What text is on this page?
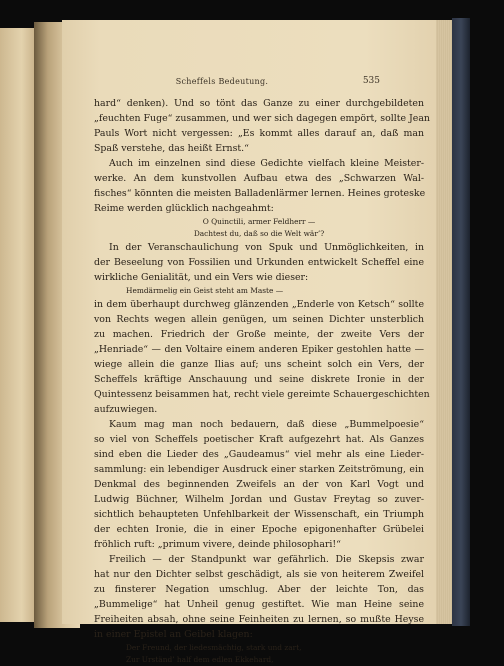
Scheffels Bedeutung.	535
hard“ denken). Und so tönt das Ganze zu einer durchgebildeten
„feuchten Fuge“ zusammen, und wer sich dagegen empört, sollte Jean
Pauls Wort nicht vergessen: „Es kommt alles darauf an, daß man
Spaß verstehe, das heißt Ernst.“
Auch im einzelnen sind diese Gedichte vielfach kleine Meister-
werke. An dem kunstvollen Aufbau etwa des „Schwarzen Wal-
fisches“ könnten die meisten Balladenlärmer lernen. Heines groteske
Reime werden glücklich nachgeahmt:
O Quinctili, armer Feldherr —
Dachtest du, daß so die Welt wär’?
In der Veranschaulichung von Spuk und Unmöglichkeiten, in
der Beseelung von Fossilien und Urkunden entwickelt Scheffel eine
wirkliche Genialität, und ein Vers wie dieser:
Hemdärmelig ein Geist steht am Maste —
in dem überhaupt durchweg glänzenden „Enderle von Ketsch“ sollte
von Rechts wegen allein genügen, um seinen Dichter unsterblich
zu machen. Friedrich der Große meinte, der zweite Vers der
„Henriade“ — den Voltaire einem anderen Epiker gestohlen hatte —
wiege allein die ganze Ilias auf; uns scheint solch ein Vers, der
Scheffels kräftige Anschauung und seine diskrete Ironie in der
Quintessenz beisammen hat, recht viele gereimte Schauergeschichten
aufzuwiegen.
Kaum mag man noch bedauern, daß diese „Bummelpoesie“
so viel von Scheffels poetischer Kraft aufgezehrt hat. Als Ganzes
sind eben die Lieder des „Gaudeamus“ viel mehr als eine Lieder-
sammlung: ein lebendiger Ausdruck einer starken Zeitströmung, ein
Denkmal des beginnenden Zweifels an der von Karl Vogt und
Ludwig Büchner, Wilhelm Jordan und Gustav Freytag so zuver-
sichtlich behaupteten Unfehlbarkeit der Wissenschaft, ein Triumph
der echten Ironie, die in einer Epoche epigonenhafter Grübelei
fröhlich ruft: „primum vivere, deinde philosophari!“
Freilich — der Standpunkt war gefährlich. Die Skepsis zwar
hat nur den Dichter selbst geschädigt, als sie von heiterem Zweifel
zu finsterer Negation umschlug. Aber der leichte Ton, das
„Bummelige“ hat Unheil genug gestiftet. Wie man Heine seine
Freiheiten absah, ohne seine Feinheiten zu lernen, so mußte Heyse
in einer Epistel an Geibel klagen:
Der Freund, der liedesmächtig, stark und zart,
Zur Urständ’ half dem edlen Ekkehard,
